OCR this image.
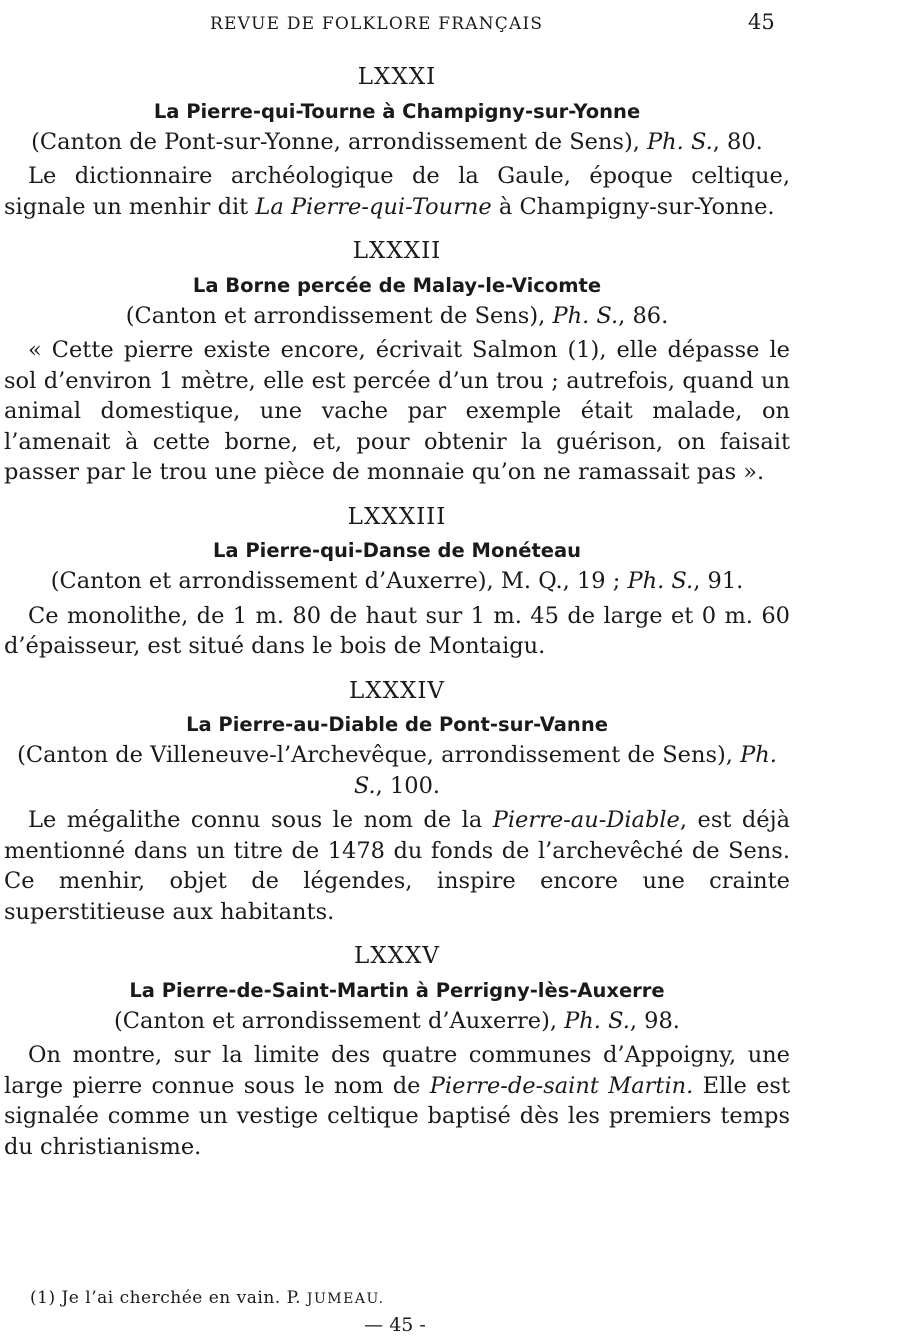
REVUE DE FOLKLORE FRANÇAIS	45
LXXXI
La Pierre-qui-Tourne à Champigny-sur-Yonne
(Canton de Pont-sur-Yonne, arrondissement de Sens), Ph. S., 80.
Le dictionnaire archéologique de la Gaule, époque celtique, signale un menhir dit La Pierre-qui-Tourne à Champigny-sur-Yonne.
LXXXII
La Borne percée de Malay-le-Vicomte
(Canton et arrondissement de Sens), Ph. S., 86.
« Cette pierre existe encore, écrivait Salmon (1), elle dépasse le sol d’environ 1 mètre, elle est percée d’un trou ; autrefois, quand un animal domestique, une vache par exemple était malade, on l’amenait à cette borne, et, pour obtenir la guérison, on faisait passer par le trou une pièce de monnaie qu’on ne ramassait pas ».
LXXXIII
La Pierre-qui-Danse de Monéteau
(Canton et arrondissement d’Auxerre), M. Q., 19 ; Ph. S., 91.
Ce monolithe, de 1 m. 80 de haut sur 1 m. 45 de large et 0 m. 60 d’épaisseur, est situé dans le bois de Montaigu.
LXXXIV
La Pierre-au-Diable de Pont-sur-Vanne
(Canton de Villeneuve-l’Archevêque, arrondissement de Sens), Ph. S., 100.
Le mégalithe connu sous le nom de la Pierre-au-Diable, est déjà mentionné dans un titre de 1478 du fonds de l’archevêché de Sens. Ce menhir, objet de légendes, inspire encore une crainte superstitieuse aux habitants.
LXXXV
La Pierre-de-Saint-Martin à Perrigny-lès-Auxerre
(Canton et arrondissement d’Auxerre), Ph. S., 98.
On montre, sur la limite des quatre communes d’Appoigny, une large pierre connue sous le nom de Pierre-de-saint Martin. Elle est signalée comme un vestige celtique baptisé dès les premiers temps du christianisme.
(1) Je l’ai cherchée en vain. P. JUMEAU.
— 45 -
